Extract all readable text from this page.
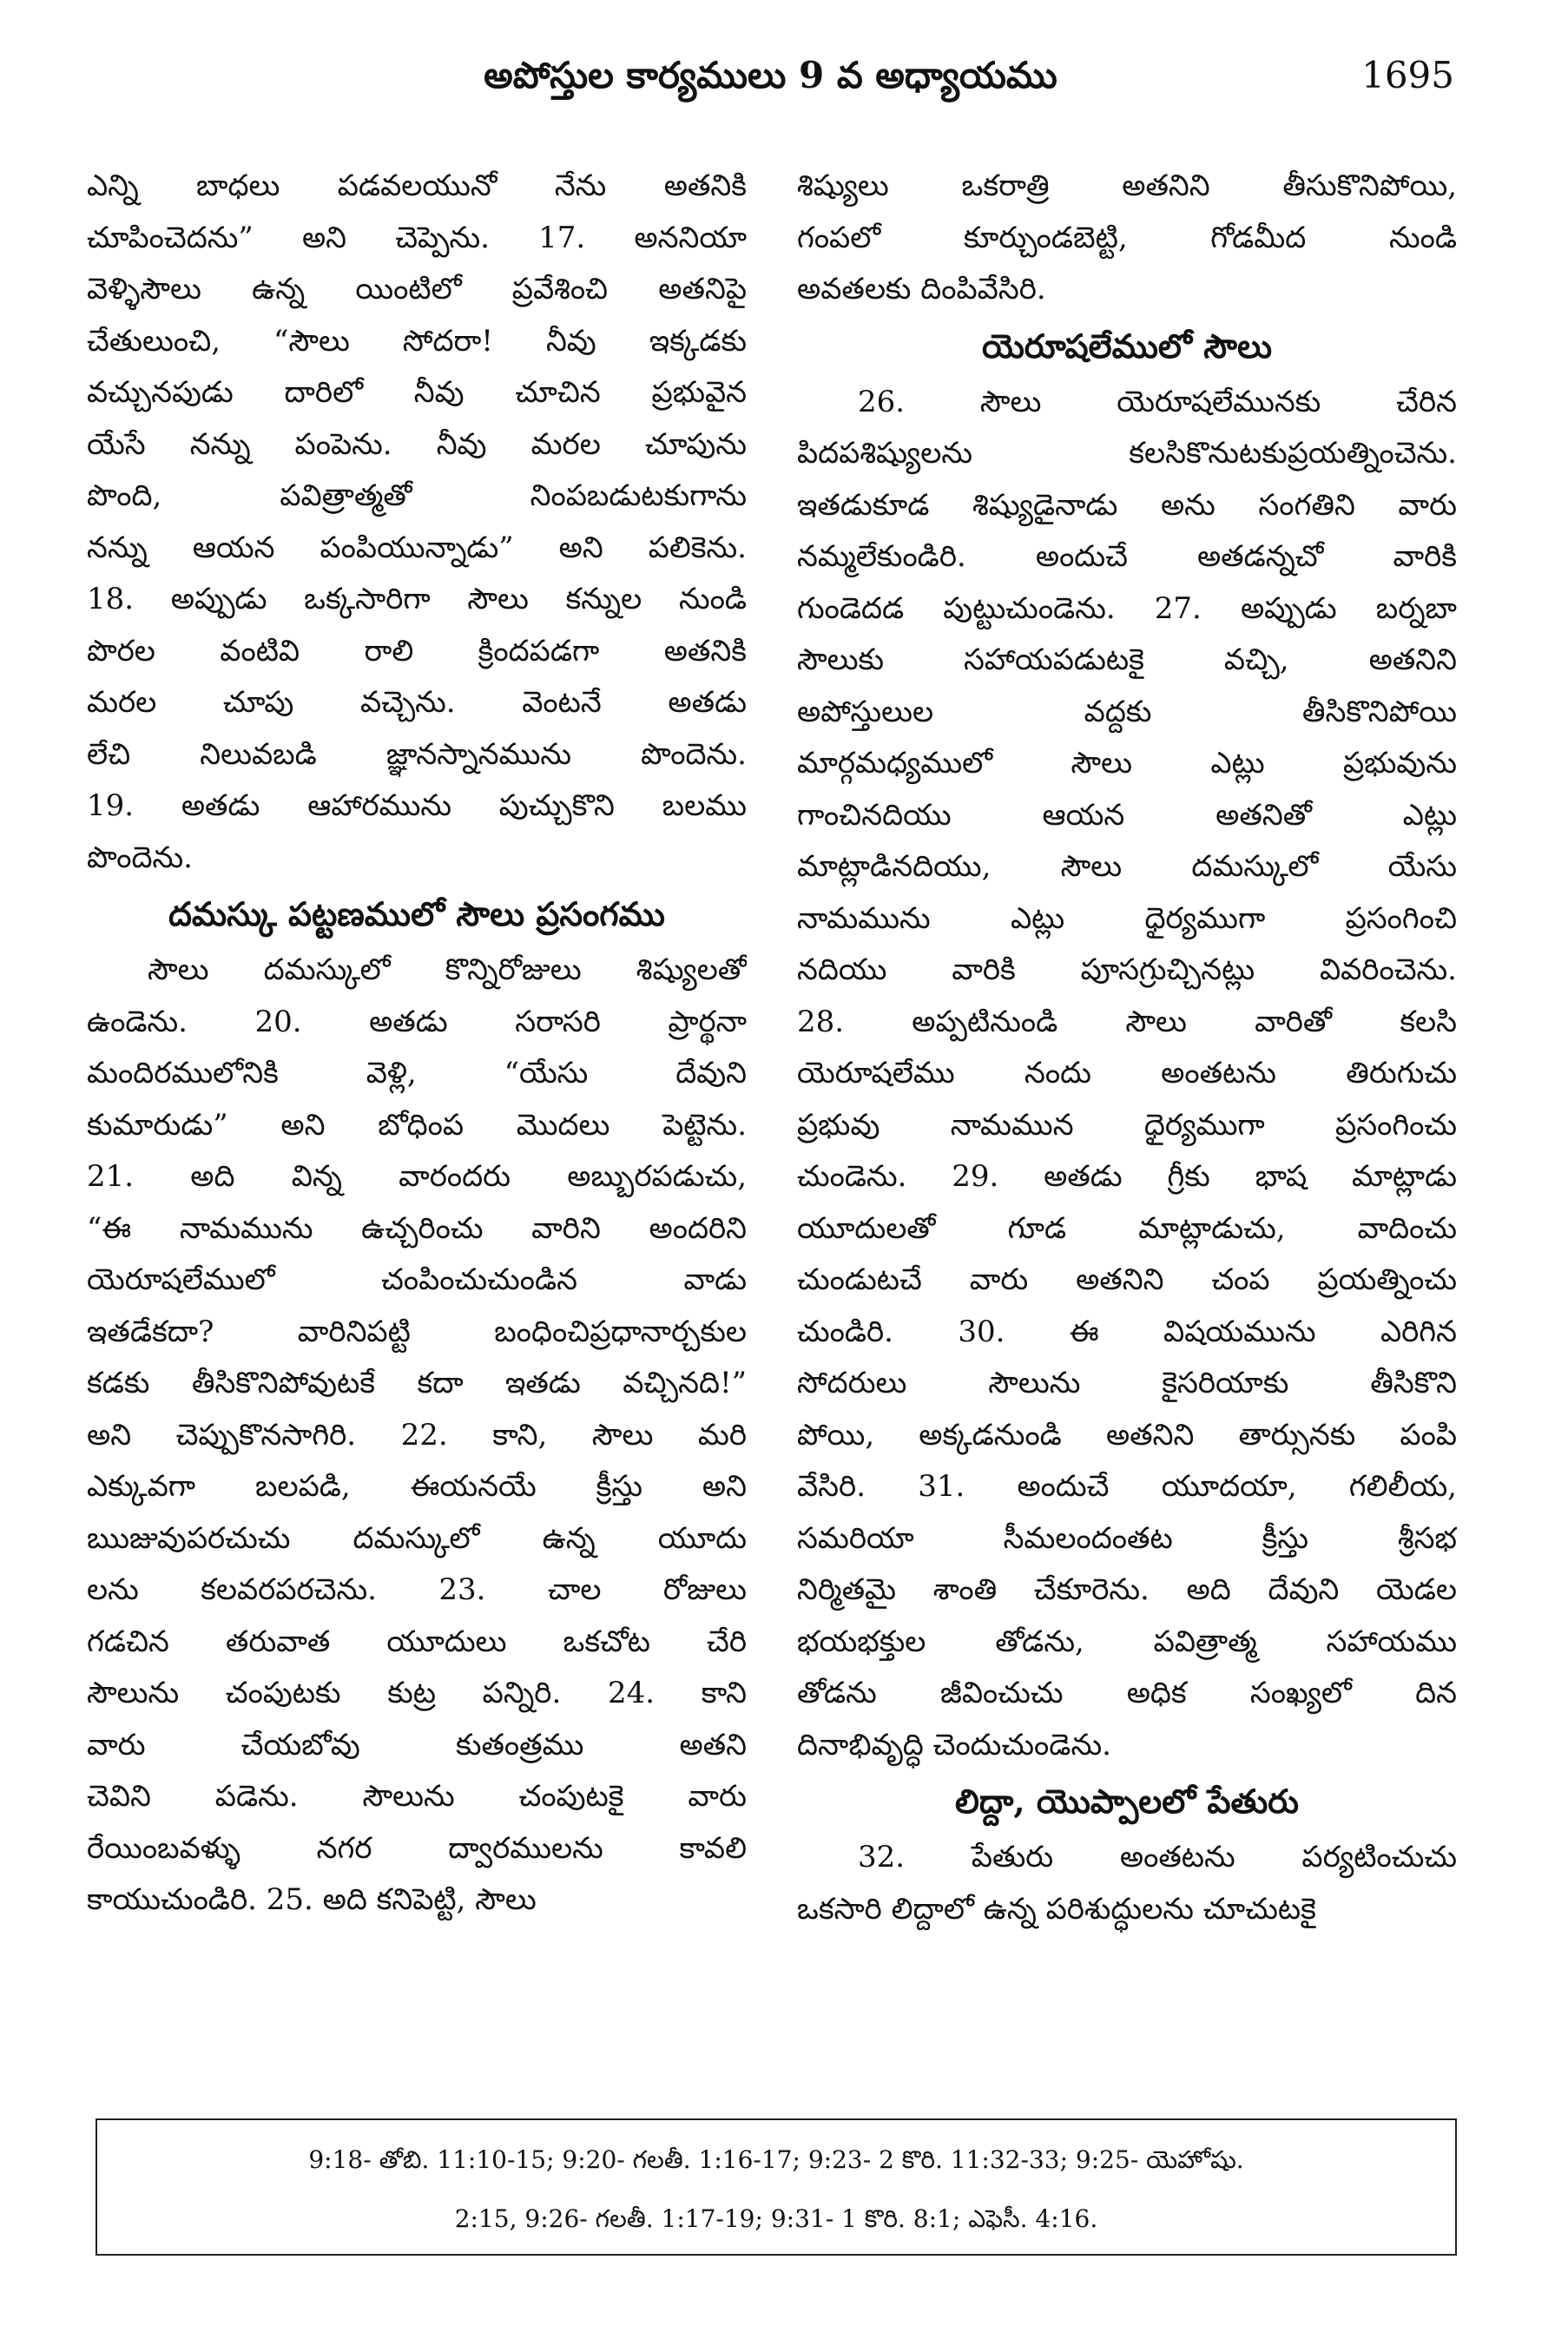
అపోస్తుల కార్యములు 9 వ అధ్యాయము	1695
ఎన్ని బాధలు పడవలయునో నేను అతనికి
చూపించెదను” అని చెప్పెను. 17. అననియా
వెళ్ళిసౌలు ఉన్న యింటిలో ప్రవేశించి అతనిపై
చేతులుంచి, “సౌలు సోదరా! నీవు ఇక్కడకు
వచ్చునపుడు దారిలో నీవు చూచిన ప్రభువైన
యేసే నన్ను పంపెను. నీవు మరల చూపును
పొంది, పవిత్రాత్మతో నింపబడుటకుగాను
నన్ను ఆయన పంపియున్నాడు” అని పలికెను.
18. అప్పుడు ఒక్కసారిగా సౌలు కన్నుల నుండి
పొరల వంటివి రాలి క్రిందపడగా అతనికి
మరల చూపు వచ్చెను. వెంటనే అతడు
లేచి నిలువబడి జ్ఞానస్నానమును పొందెను.
19. అతడు ఆహారమును పుచ్చుకొని బలము
పొందెను.
దమస్కు పట్టణములో సౌలు ప్రసంగము
సౌలు దమస్కులో కొన్నిరోజులు శిష్యులతో
ఉండెను. 20. అతడు సరాసరి ప్రార్థనా
మందిరములోనికి వెళ్లి, “యేసు దేవుని
కుమారుడు” అని బోధింప మొదలు పెట్టెను.
21. అది విన్న వారందరు అబ్బురపడుచు,
“ఈ నామమును ఉచ్చరించు వారిని అందరిని
యెరూషలేములో చంపించుచుండిన వాడు
ఇతడేకదా? వారినిపట్టి బంధించిప్రధానార్చకుల
కడకు తీసికొనిపోవుటకే కదా ఇతడు వచ్చినది!”
అని చెప్పుకొనసాగిరి. 22. కాని, సౌలు మరి
ఎక్కువగా బలపడి, ఈయనయే క్రీస్తు అని
ఋజువుపరచుచు దమస్కులో ఉన్న యూదు
లను కలవరపరచెను. 23. చాల రోజులు
గడచిన తరువాత యూదులు ఒకచోట చేరి
సౌలును చంపుటకు కుట్ర పన్నిరి. 24. కాని
వారు చేయబోవు కుతంత్రము అతని
చెవిని పడెను. సౌలును చంపుటకై వారు
రేయింబవళ్ళు నగర ద్వారములను కావలి
కాయుచుండిరి. 25. అది కనిపెట్టి, సౌలు
శిష్యులు ఒకరాత్రి అతనిని తీసుకొనిపోయి,
గంపలో కూర్చుండబెట్టి, గోడమీద నుండి
అవతలకు దింపివేసిరి.
యెరూషలేములో సౌలు
26. సౌలు యెరూషలేమునకు చేరిన
పిదపశిష్యులను కలసికొనుటకుప్రయత్నించెను.
ఇతడుకూడ శిష్యుడైనాడు అను సంగతిని వారు
నమ్మలేకుండిరి. అందుచే అతడన్నచో వారికి
గుండెదడ పుట్టుచుండెను. 27. అప్పుడు బర్నబా
సౌలుకు సహాయపడుటకై వచ్చి, అతనిని
అపోస్తులుల వద్దకు తీసికొనిపోయి
మార్గమధ్యములో సౌలు ఎట్లు ప్రభువును
గాంచినదియు ఆయన అతనితో ఎట్లు
మాట్లాడినదియు, సౌలు దమస్కులో యేసు
నామమును ఎట్లు ధైర్యముగా ప్రసంగించి
నదియు వారికి పూసగ్రుచ్చినట్లు వివరించెను.
28. అప్పటినుండి సౌలు వారితో కలసి
యెరూషలేము నందు అంతటను తిరుగుచు
ప్రభువు నామమున ధైర్యముగా ప్రసంగించు
చుండెను. 29. అతడు గ్రీకు భాష మాట్లాడు
యూదులతో గూడ మాట్లాడుచు, వాదించు
చుండుటచే వారు అతనిని చంప ప్రయత్నించు
చుండిరి. 30. ఈ విషయమును ఎరిగిన
సోదరులు సౌలును కైసరియాకు తీసికొని
పోయి, అక్కడనుండి అతనిని తార్సునకు పంపి
వేసిరి. 31. అందుచే యూదయా, గలిలీయ,
సమరియా సీమలందంతట క్రీస్తు శ్రీసభ
నిర్మితమై శాంతి చేకూరెను. అది దేవుని యెడల
భయభక్తుల తోడను, పవిత్రాత్మ సహాయము
తోడను జీవించుచు అధిక సంఖ్యలో దిన
దినాభివృద్ధి చెందుచుండెను.
లిద్దా, యొప్పాలలో పేతురు
32. పేతురు అంతటను పర్యటించుచు
ఒకసారి లిద్దాలో ఉన్న పరిశుద్ధులను చూచుటకై
9:18- తోబి. 11:10-15; 9:20- గలతీ. 1:16-17; 9:23- 2 కొరి. 11:32-33; 9:25- యెహోషు.
2:15, 9:26- గలతీ. 1:17-19; 9:31- 1 కొరి. 8:1; ఎఫెసీ. 4:16.
